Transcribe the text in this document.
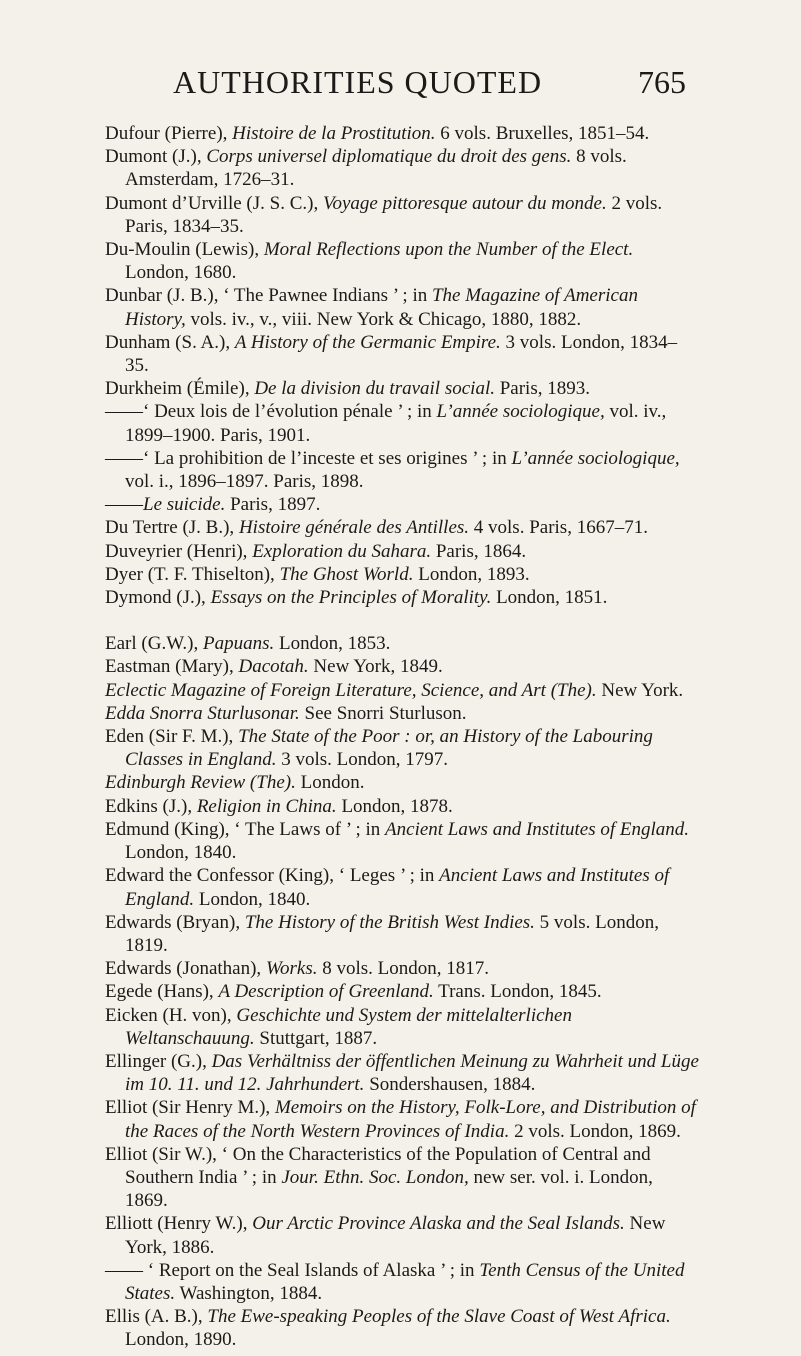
AUTHORITIES QUOTED	765

Dufour (Pierre), Histoire de la Prostitution. 6 vols. Bruxelles, 1851–54.

Dumont (J.), Corps universel diplomatique du droit des gens. 8 vols. Amsterdam, 1726–31.

Dumont d’Urville (J. S. C.), Voyage pittoresque autour du monde. 2 vols. Paris, 1834–35.

Du-Moulin (Lewis), Moral Reflections upon the Number of the Elect. London, 1680.

Dunbar (J. B.), ‘ The Pawnee Indians ’ ; in The Magazine of American History, vols. iv., v., viii. New York & Chicago, 1880, 1882.

Dunham (S. A.), A History of the Germanic Empire. 3 vols. London, 1834–35.

Durkheim (Émile), De la division du travail social. Paris, 1893.

——‘ Deux lois de l’évolution pénale ’ ; in L’année sociologique, vol. iv., 1899–1900. Paris, 1901.

——‘ La prohibition de l’inceste et ses origines ’ ; in L’année sociologique, vol. i., 1896–1897. Paris, 1898.

——Le suicide. Paris, 1897.

Du Tertre (J. B.), Histoire générale des Antilles. 4 vols. Paris, 1667–71.

Duveyrier (Henri), Exploration du Sahara. Paris, 1864.

Dyer (T. F. Thiselton), The Ghost World. London, 1893.

Dymond (J.), Essays on the Principles of Morality. London, 1851.

Earl (G.W.), Papuans. London, 1853.

Eastman (Mary), Dacotah. New York, 1849.

Eclectic Magazine of Foreign Literature, Science, and Art (The). New York.

Edda Snorra Sturlusonar. See Snorri Sturluson.

Eden (Sir F. M.), The State of the Poor : or, an History of the Labouring Classes in England. 3 vols. London, 1797.

Edinburgh Review (The). London.

Edkins (J.), Religion in China. London, 1878.

Edmund (King), ‘ The Laws of ’ ; in Ancient Laws and Institutes of England. London, 1840.

Edward the Confessor (King), ‘ Leges ’ ; in Ancient Laws and Institutes of England. London, 1840.

Edwards (Bryan), The History of the British West Indies. 5 vols. London, 1819.

Edwards (Jonathan), Works. 8 vols. London, 1817.

Egede (Hans), A Description of Greenland. Trans. London, 1845.

Eicken (H. von), Geschichte und System der mittelalterlichen Weltanschauung. Stuttgart, 1887.

Ellinger (G.), Das Verhältniss der öffentlichen Meinung zu Wahrheit und Lüge im 10. 11. und 12. Jahrhundert. Sondershausen, 1884.

Elliot (Sir Henry M.), Memoirs on the History, Folk-Lore, and Distribution of the Races of the North Western Provinces of India. 2 vols. London, 1869.

Elliot (Sir W.), ‘ On the Characteristics of the Population of Central and Southern India ’ ; in Jour. Ethn. Soc. London, new ser. vol. i. London, 1869.

Elliott (Henry W.), Our Arctic Province Alaska and the Seal Islands. New York, 1886.

—— ‘ Report on the Seal Islands of Alaska ’ ; in Tenth Census of the United States. Washington, 1884.

Ellis (A. B.), The Ewe-speaking Peoples of the Slave Coast of West Africa. London, 1890.
